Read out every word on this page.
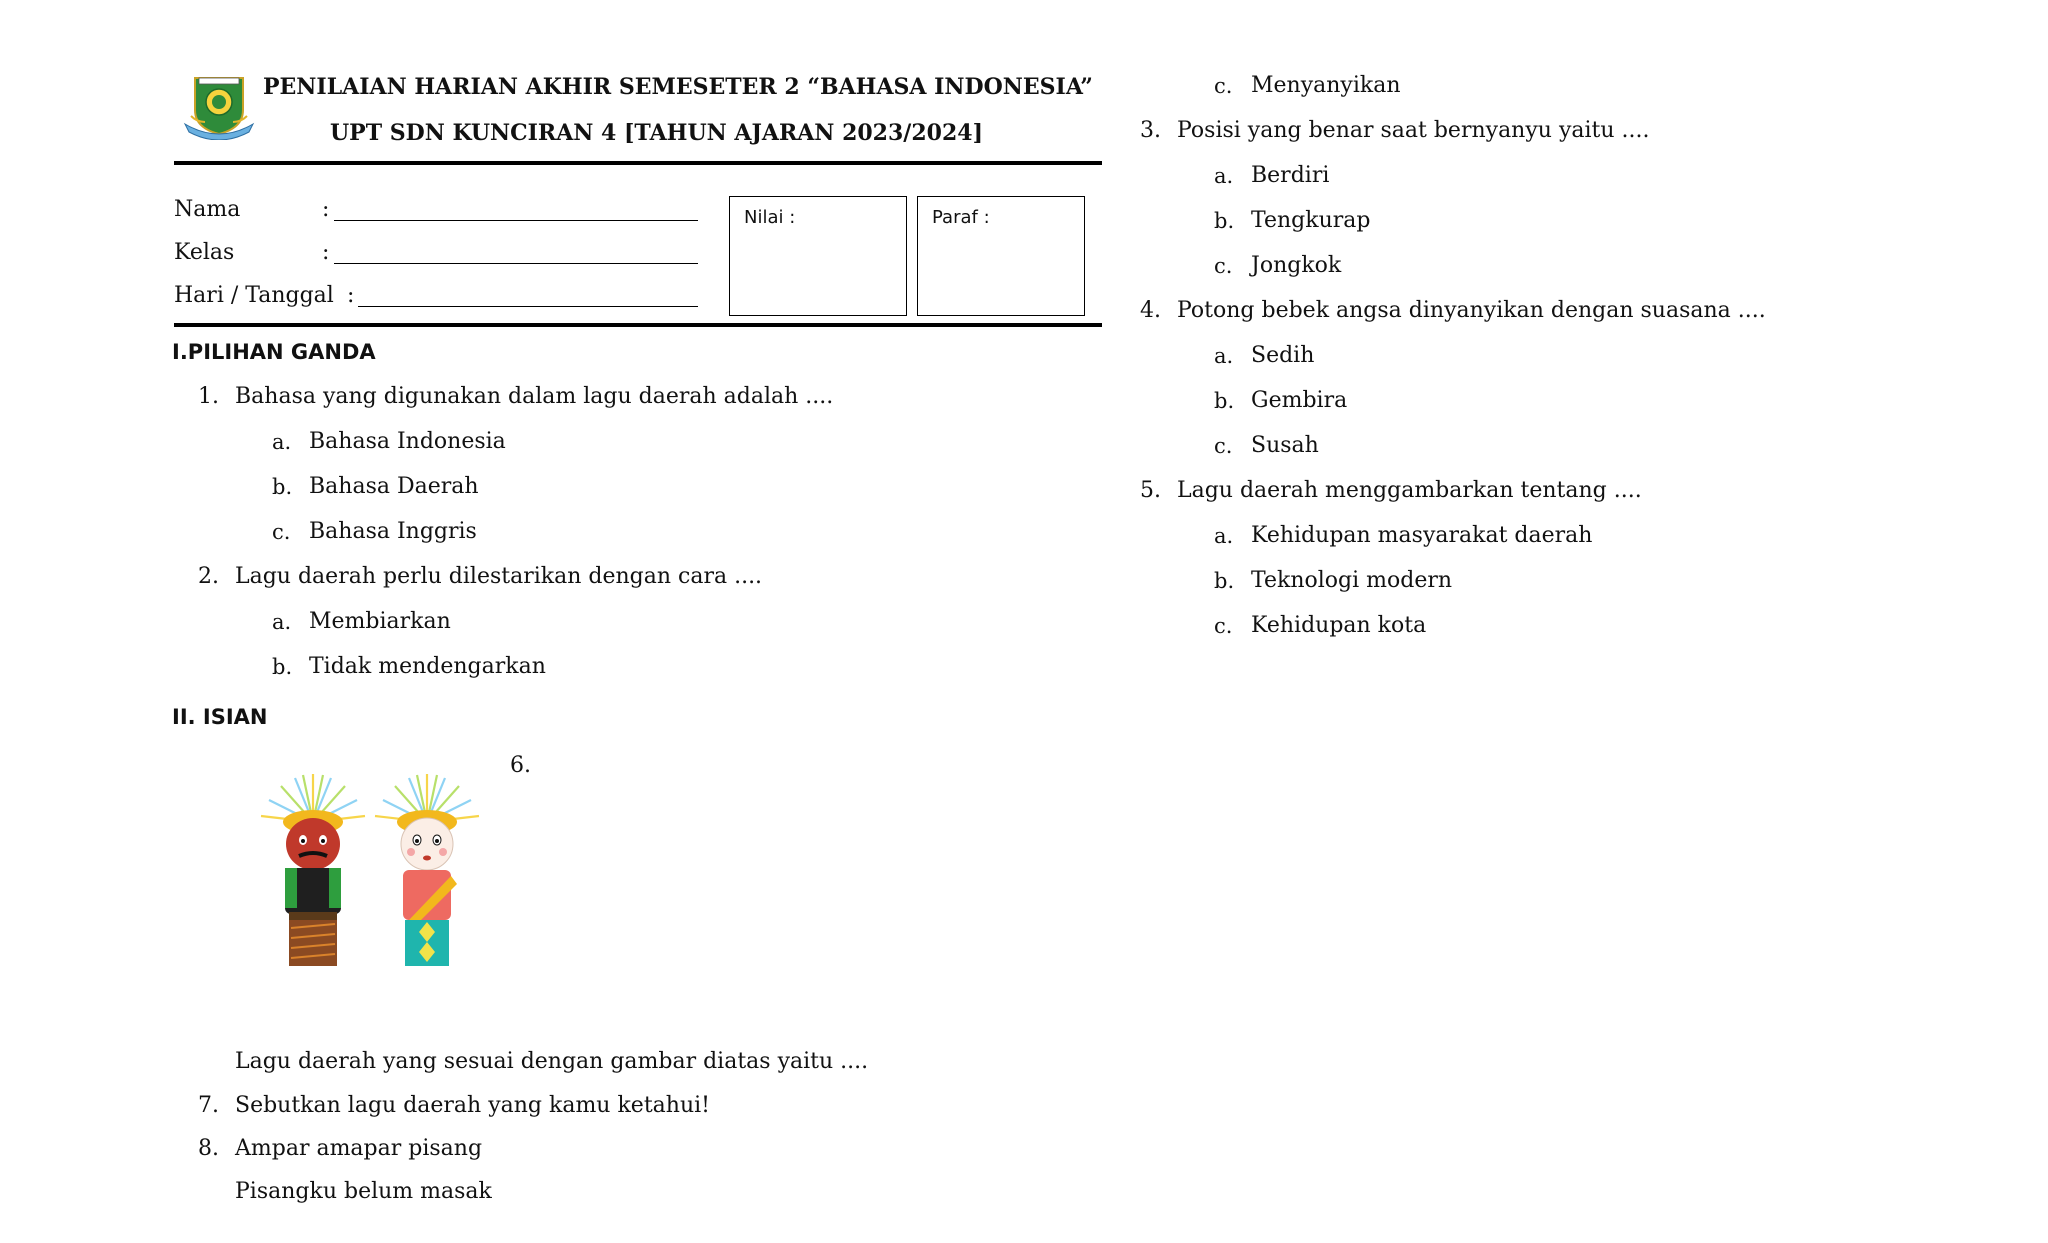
PENILAIAN HARIAN AKHIR SEMESETER 2 “BAHASA INDONESIA”
UPT SDN KUNCIRAN 4 [TAHUN AJARAN 2023/2024]
Nama	:
Kelas	:
Hari / Tanggal :
Nilai :	Paraf :
I.PILIHAN GANDA
1. Bahasa yang digunakan dalam lagu daerah adalah ....
a. Bahasa Indonesia
b. Bahasa Daerah
c. Bahasa Inggris
2. Lagu daerah perlu dilestarikan dengan cara ....
a. Membiarkan
b. Tidak mendengarkan
II. ISIAN
6.
Lagu daerah yang sesuai dengan gambar diatas yaitu ....
7. Sebutkan lagu daerah yang kamu ketahui!
8. Ampar amapar pisang
Pisangku belum masak
c. Menyanyikan
3. Posisi yang benar saat bernyanyu yaitu ....
a. Berdiri
b. Tengkurap
c. Jongkok
4. Potong bebek angsa dinyanyikan dengan suasana ....
a. Sedih
b. Gembira
c. Susah
5. Lagu daerah menggambarkan tentang ....
a. Kehidupan masyarakat daerah
b. Teknologi modern
c. Kehidupan kota
